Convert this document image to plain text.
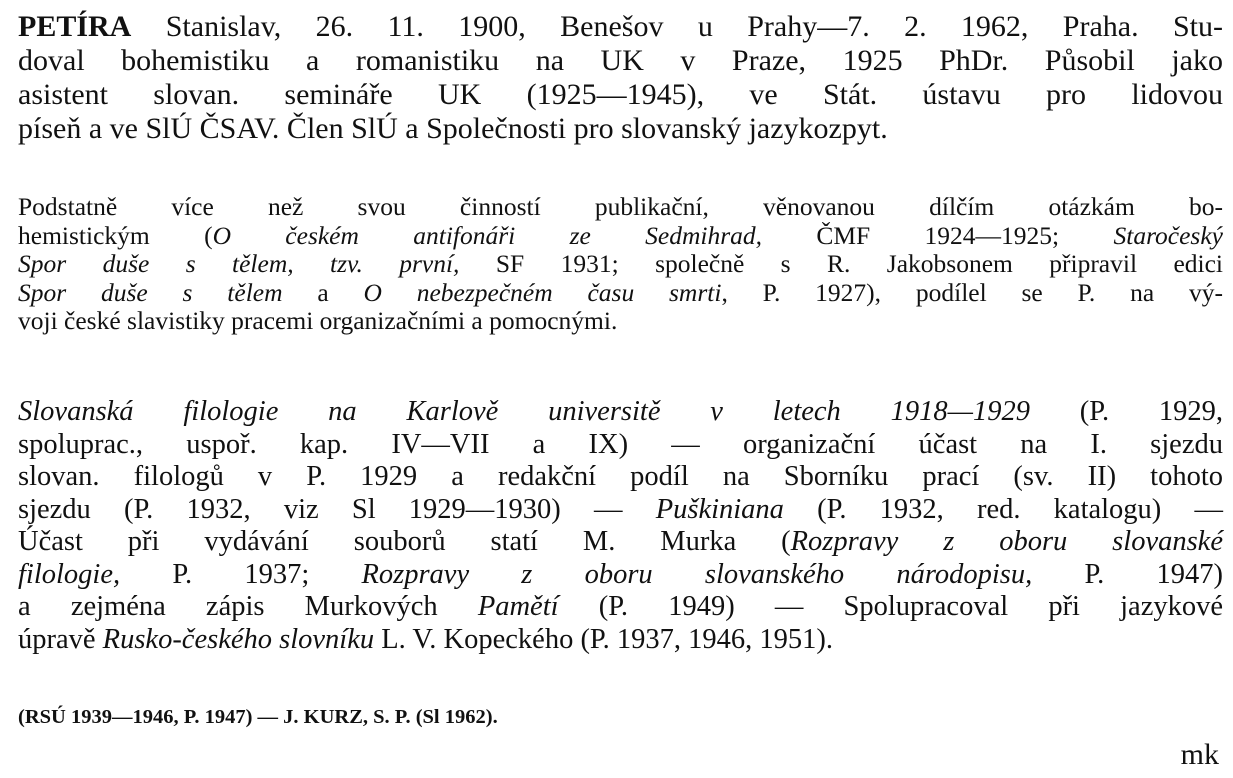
PETÍRA Stanislav, 26. 11. 1900, Benešov u Prahy—7. 2. 1962, Praha. Stu-
doval bohemistiku a romanistiku na UK v Praze, 1925 PhDr. Působil jako
asistent slovan. semináře UK (1925—1945), ve Stát. ústavu pro lidovou
píseň a ve SlÚ ČSAV. Člen SlÚ a Společnosti pro slovanský jazykozpyt.
Podstatně více než svou činností publikační, věnovanou dílčím otázkám bo-
hemistickým (O českém antifonáři ze Sedmihrad, ČMF 1924—1925; Staročeský
Spor duše s tělem, tzv. první, SF 1931; společně s R. Jakobsonem připravil edici
Spor duše s tělem a O nebezpečném času smrti, P. 1927), podílel se P. na vý-
voji české slavistiky pracemi organizačními a pomocnými.
Slovanská filologie na Karlově universitě v letech 1918—1929 (P. 1929,
spoluprac., uspoř. kap. IV—VII a IX) — organizační účast na I. sjezdu
slovan. filologů v P. 1929 a redakční podíl na Sborníku prací (sv. II) tohoto
sjezdu (P. 1932, viz Sl 1929—1930) — Puškiniana (P. 1932, red. katalogu) —
Účast při vydávání souborů statí M. Murka (Rozpravy z oboru slovanské
filologie, P. 1937; Rozpravy z oboru slovanského národopisu, P. 1947)
a zejména zápis Murkových Pamětí (P. 1949) — Spolupracoval při jazykové
úpravě Rusko-českého slovníku L. V. Kopeckého (P. 1937, 1946, 1951).
(RSÚ 1939—1946, P. 1947) — J. KURZ, S. P. (Sl 1962).
mk
